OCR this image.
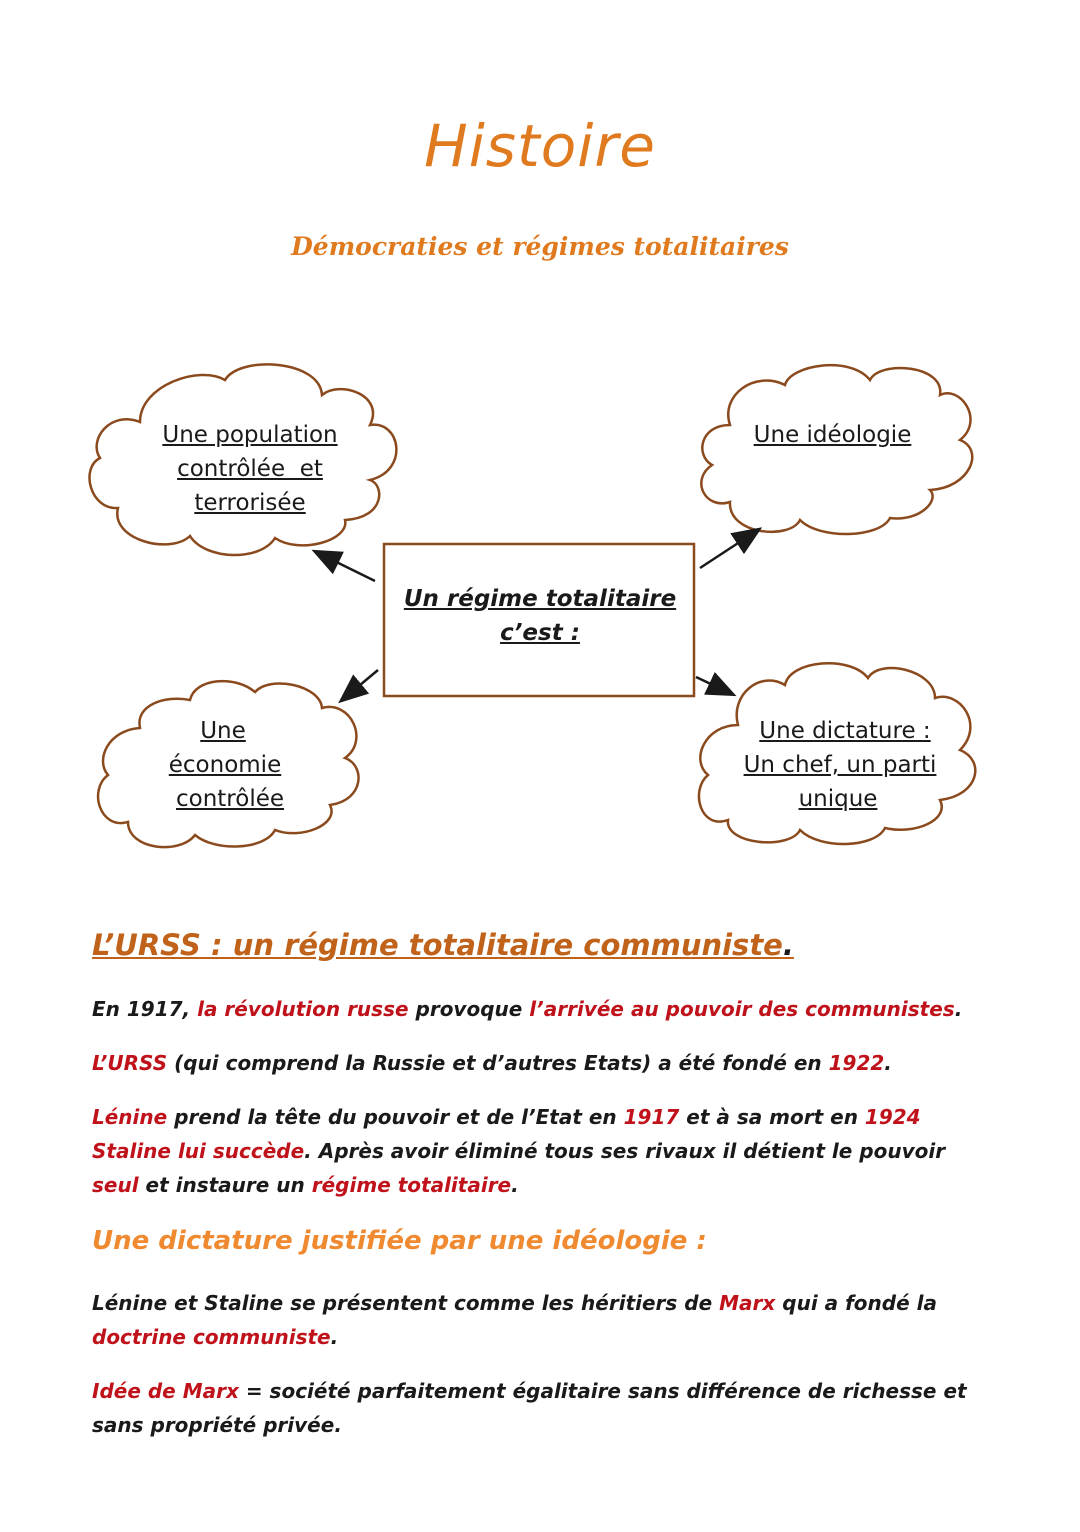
Histoire
Démocraties et régimes totalitaires
Une population
contrôlée  et
terrorisée
Une idéologie
Une
économie
contrôlée
Une dictature :
Un chef, un parti
unique
Un régime totalitaire
c’est :
L’URSS : un régime totalitaire communiste.
En 1917, la révolution russe provoque l’arrivée au pouvoir des communistes.
L’URSS (qui comprend la Russie et d’autres Etats) a été fondé en 1922.
Lénine prend la tête du pouvoir et de l’Etat en 1917 et à sa mort en 1924 Staline lui succède. Après avoir éliminé tous ses rivaux il détient le pouvoir seul et instaure un régime totalitaire.
Une dictature justifiée par une idéologie :
Lénine et Staline se présentent comme les héritiers de Marx qui a fondé la doctrine communiste.
Idée de Marx = société parfaitement égalitaire sans différence de richesse et sans propriété privée.
